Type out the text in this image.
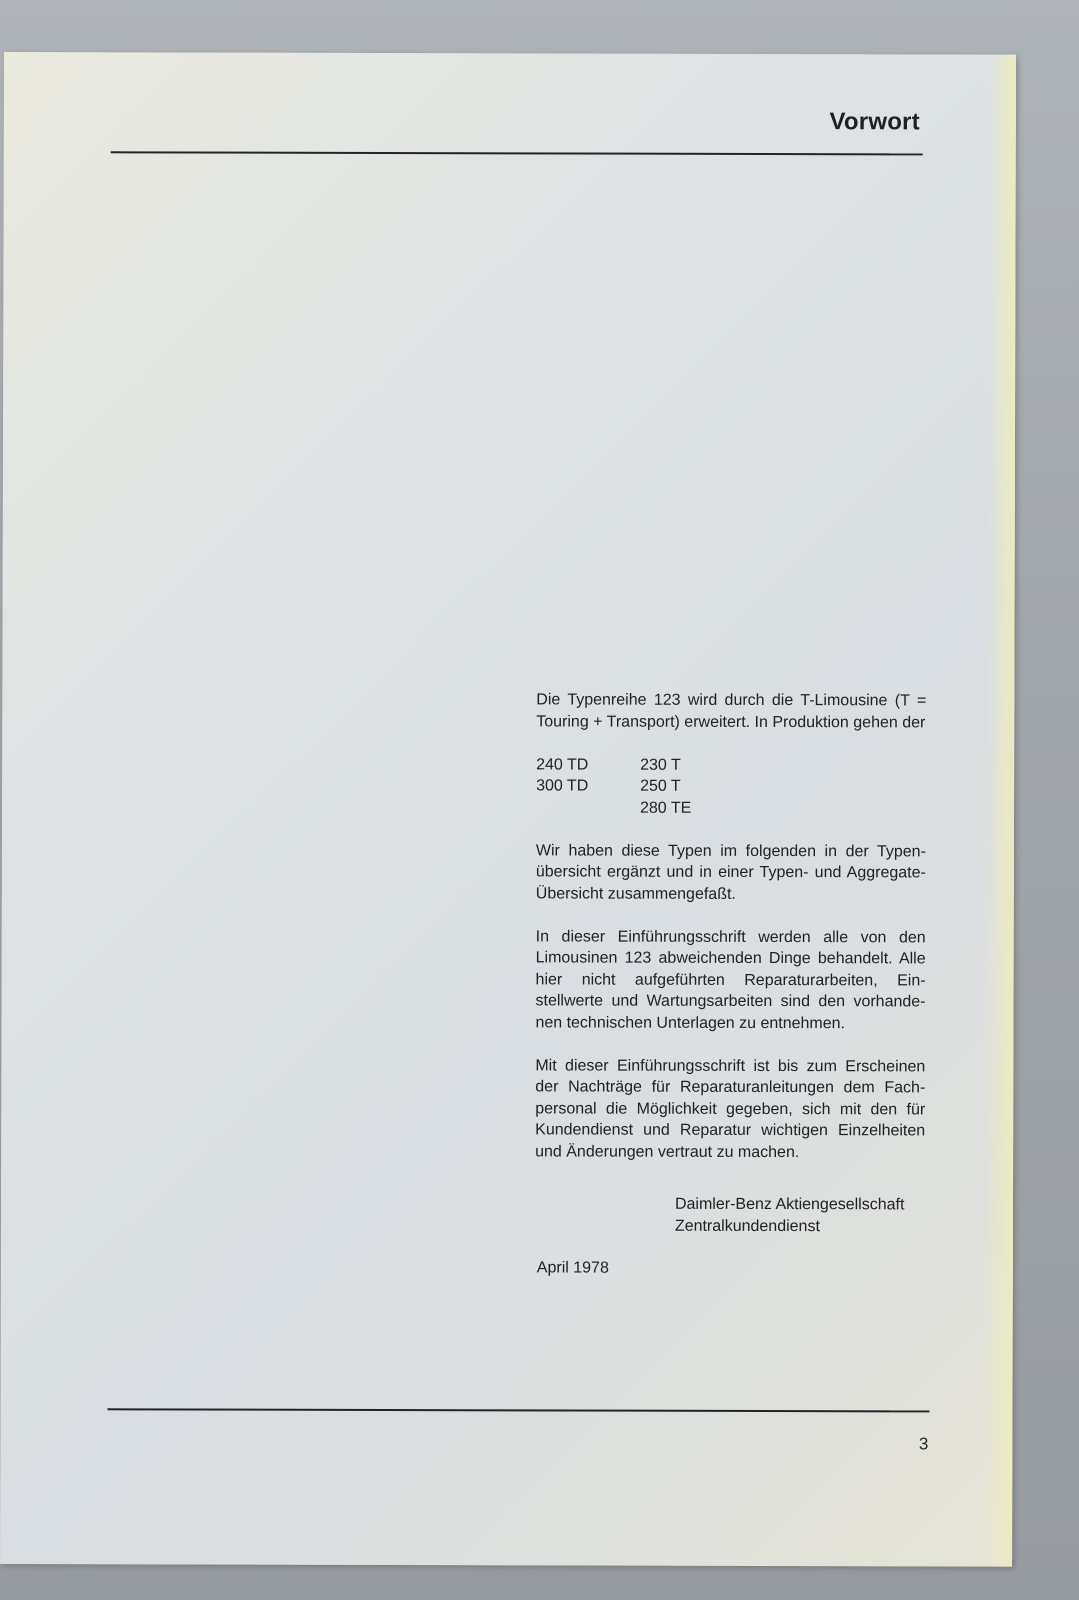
Vorwort

Die Typenreihe 123 wird durch die T-Limousine (T = Touring + Transport) erweitert. In Produktion gehen der

240 TD	230 T
300 TD	250 T
280 TE

Wir haben diese Typen im folgenden in der Typenübersicht ergänzt und in einer Typen- und Aggregate-Übersicht zusammengefaßt.

In dieser Einführungsschrift werden alle von den Limousinen 123 abweichenden Dinge behandelt. Alle hier nicht aufgeführten Reparaturarbeiten, Einstellwerte und Wartungsarbeiten sind den vorhandenen technischen Unterlagen zu entnehmen.

Mit dieser Einführungsschrift ist bis zum Erscheinen der Nachträge für Reparaturanleitungen dem Fachpersonal die Möglichkeit gegeben, sich mit den für Kundendienst und Reparatur wichtigen Einzelheiten und Änderungen vertraut zu machen.

Daimler-Benz Aktiengesellschaft
Zentralkundendienst
April 1978
3
